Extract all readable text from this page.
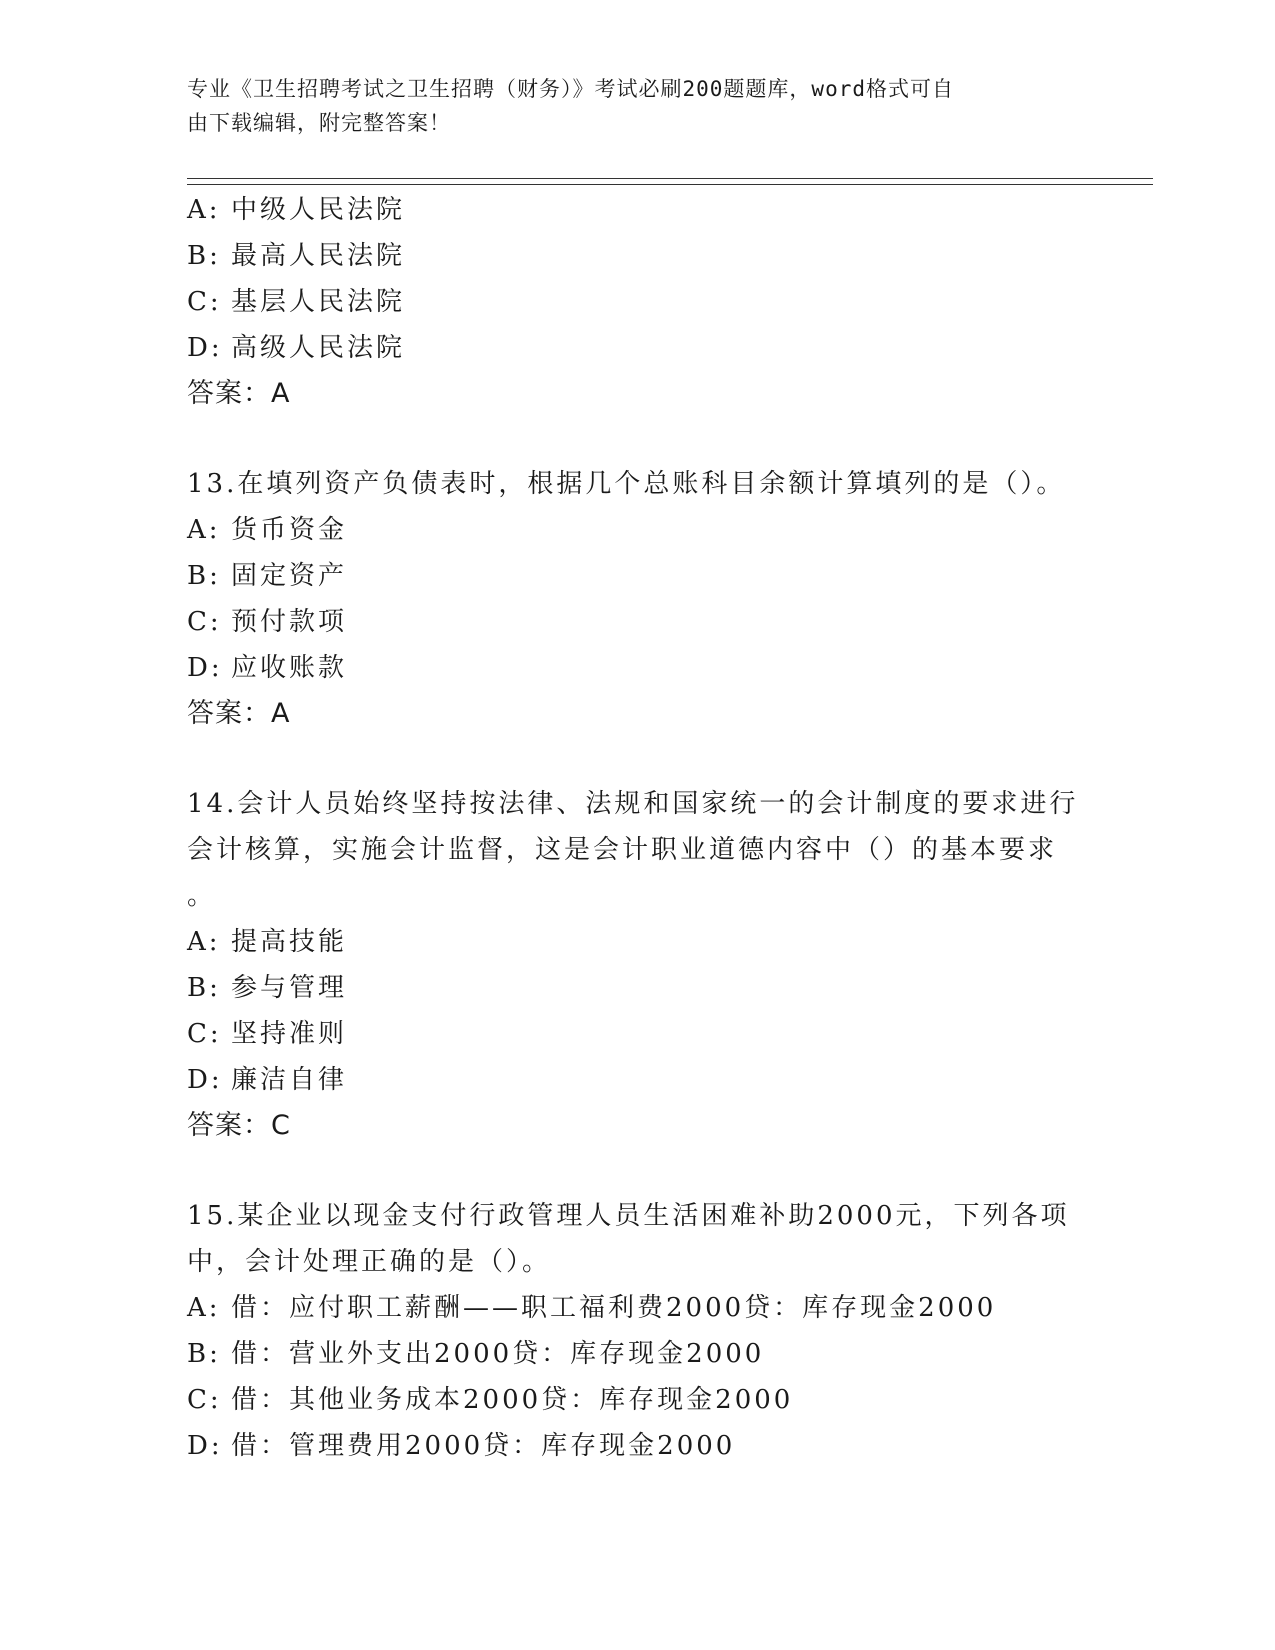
专业《卫生招聘考试之卫生招聘（财务）》考试必刷200题题库，word格式可自
由下载编辑，附完整答案！
A: 中级人民法院
B: 最高人民法院
C: 基层人民法院
D: 高级人民法院
答案：A
13.在填列资产负债表时，根据几个总账科目余额计算填列的是（）。
A: 货币资金
B: 固定资产
C: 预付款项
D: 应收账款
答案：A
14.会计人员始终坚持按法律、法规和国家统一的会计制度的要求进行
会计核算，实施会计监督，这是会计职业道德内容中（）的基本要求
。
A: 提高技能
B: 参与管理
C: 坚持准则
D: 廉洁自律
答案：C
15.某企业以现金支付行政管理人员生活困难补助2000元，下列各项
中，会计处理正确的是（）。
A: 借：应付职工薪酬——职工福利费2000贷：库存现金2000
B: 借：营业外支出2000贷：库存现金2000
C: 借：其他业务成本2000贷：库存现金2000
D: 借：管理费用2000贷：库存现金2000
